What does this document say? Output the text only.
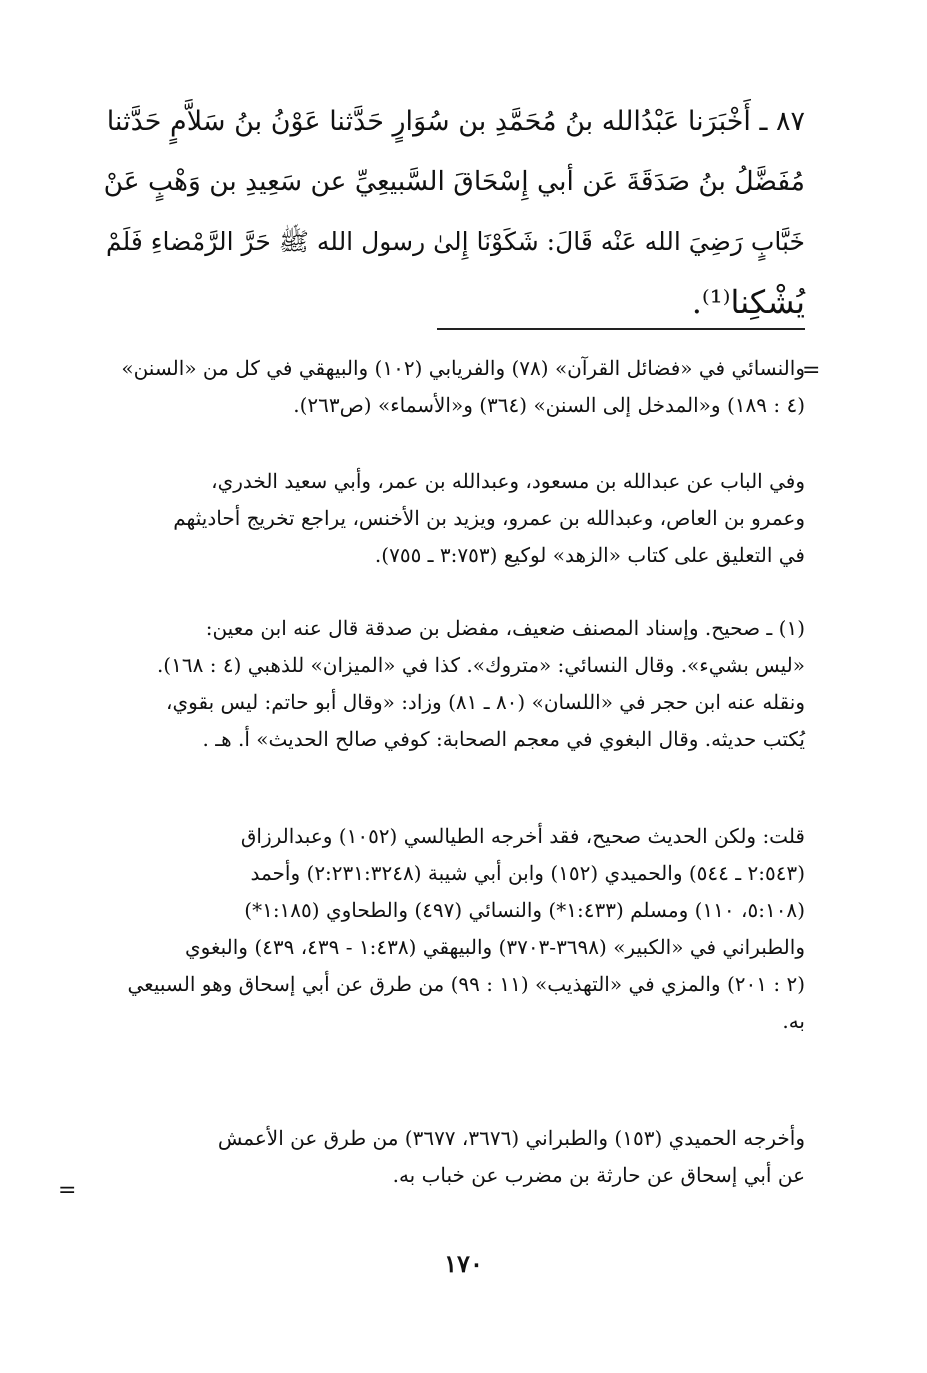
٨٧ ـ أَخْبَرَنا عَبْدُالله بنُ مُحَمَّدِ بن سُوَارٍ حَدَّثنا عَوْنُ بنُ سَلاَّمٍ حَدَّثنا
مُفَضَّلُ بنُ صَدَقَةَ عَن أبي إِسْحَاقَ السَّبيعِيِّ عن سَعِيدِ بن وَهْبٍ عَنْ
خَبَّابٍ رَضِيَ الله عَنْه قَالَ: شَكَوْنَا إِلىٰ رسول الله ﷺ حَرَّ الرَّمْضاءِ فَلَمْ
يُشْكِنا⁽¹⁾.
=
والنسائي في «فضائل القرآن» (٧٨) والفريابي (١٠٢) والبيهقي في كل من «السنن»
(٤ : ١٨٩) و«المدخل إلى السنن» (٣٦٤) و«الأسماء» (ص٢٦٣).
وفي الباب عن عبدالله بن مسعود، وعبدالله بن عمر، وأبي سعيد الخدري،
وعمرو بن العاص، وعبدالله بن عمرو، ويزيد بن الأخنس، يراجع تخريج أحاديثهم
في التعليق على كتاب «الزهد» لوكيع (٣:٧٥٣ ـ ٧٥٥).
(١) ـ صحيح. وإسناد المصنف ضعيف، مفضل بن صدقة قال عنه ابن معين:
«ليس بشيء». وقال النسائي: «متروك». كذا في «الميزان» للذهبي (٤ : ١٦٨).
ونقله عنه ابن حجر في «اللسان» (٨٠ ـ ٨١) وزاد: «وقال أبو حاتم: ليس بقوي،
يُكتب حديثه. وقال البغوي في معجم الصحابة: كوفي صالح الحديث» أ. هـ .
قلت: ولكن الحديث صحيح، فقد أخرجه الطيالسي (١٠٥٢) وعبدالرزاق
(٢:٥٤٣ ـ ٥٤٤) والحميدي (١٥٢) وابن أبي شيبة (٢:٢٣١:٣٢٤٨) وأحمد
(٥:١٠٨، ١١٠) ومسلم (١:٤٣٣*) والنسائي (٤٩٧) والطحاوي (١:١٨٥*)
والطبراني في «الكبير» (٣٦٩٨-٣٧٠٣) والبيهقي (١:٤٣٨ - ٤٣٩، ٤٣٩) والبغوي
(٢ : ٢٠١) والمزي في «التهذيب» (١١ : ٩٩) من طرق عن أبي إسحاق وهو السبيعي
به.
وأخرجه الحميدي (١٥٣) والطبراني (٣٦٧٦، ٣٦٧٧) من طرق عن الأعمش
عن أبي إسحاق عن حارثة بن مضرب عن خباب به.
=
١٧٠
